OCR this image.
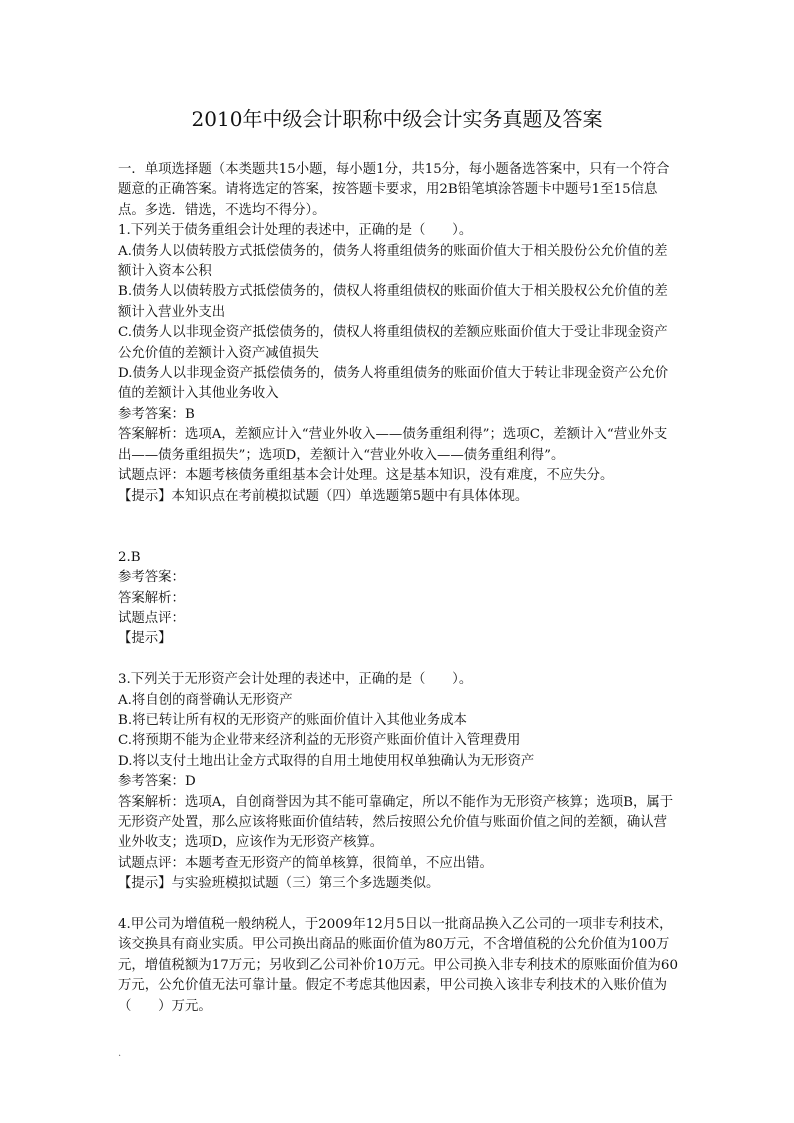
2010年中级会计职称中级会计实务真题及答案

一．单项选择题（本类题共15小题，每小题1分，共15分，每小题备选答案中，只有一个符合题意的正确答案。请将选定的答案，按答题卡要求，用2B铅笔填涂答题卡中题号1至15信息点。多选．错选，不选均不得分）。

1.下列关于债务重组会计处理的表述中，正确的是（　　）。

A.债务人以债转股方式抵偿债务的，债务人将重组债务的账面价值大于相关股份公允价值的差额计入资本公积

B.债务人以债转股方式抵偿债务的，债权人将重组债权的账面价值大于相关股权公允价值的差额计入营业外支出

C.债务人以非现金资产抵偿债务的，债权人将重组债权的差额应账面价值大于受让非现金资产公允价值的差额计入资产减值损失

D.债务人以非现金资产抵偿债务的，债务人将重组债务的账面价值大于转让非现金资产公允价值的差额计入其他业务收入

参考答案：B

答案解析：选项A，差额应计入“营业外收入——债务重组利得”；选项C，差额计入“营业外支出——债务重组损失”；选项D，差额计入“营业外收入——债务重组利得”。

试题点评：本题考核债务重组基本会计处理。这是基本知识，没有难度，不应失分。

【提示】本知识点在考前模拟试题（四）单选题第5题中有具体体现。

2.B

参考答案：

答案解析：

试题点评：

【提示】

3.下列关于无形资产会计处理的表述中，正确的是（　　）。

A.将自创的商誉确认无形资产

B.将已转让所有权的无形资产的账面价值计入其他业务成本

C.将预期不能为企业带来经济利益的无形资产账面价值计入管理费用

D.将以支付土地出让金方式取得的自用土地使用权单独确认为无形资产

参考答案：D

答案解析：选项A，自创商誉因为其不能可靠确定，所以不能作为无形资产核算；选项B，属于无形资产处置，那么应该将账面价值结转，然后按照公允价值与账面价值之间的差额，确认营业外收支；选项D，应该作为无形资产核算。

试题点评：本题考查无形资产的简单核算，很简单，不应出错。

【提示】与实验班模拟试题（三）第三个多选题类似。

4.甲公司为增值税一般纳税人，于2009年12月5日以一批商品换入乙公司的一项非专利技术，该交换具有商业实质。甲公司换出商品的账面价值为80万元，不含增值税的公允价值为100万元，增值税额为17万元；另收到乙公司补价10万元。甲公司换入非专利技术的原账面价值为60万元，公允价值无法可靠计量。假定不考虑其他因素，甲公司换入该非专利技术的入账价值为（　　）万元。

.
